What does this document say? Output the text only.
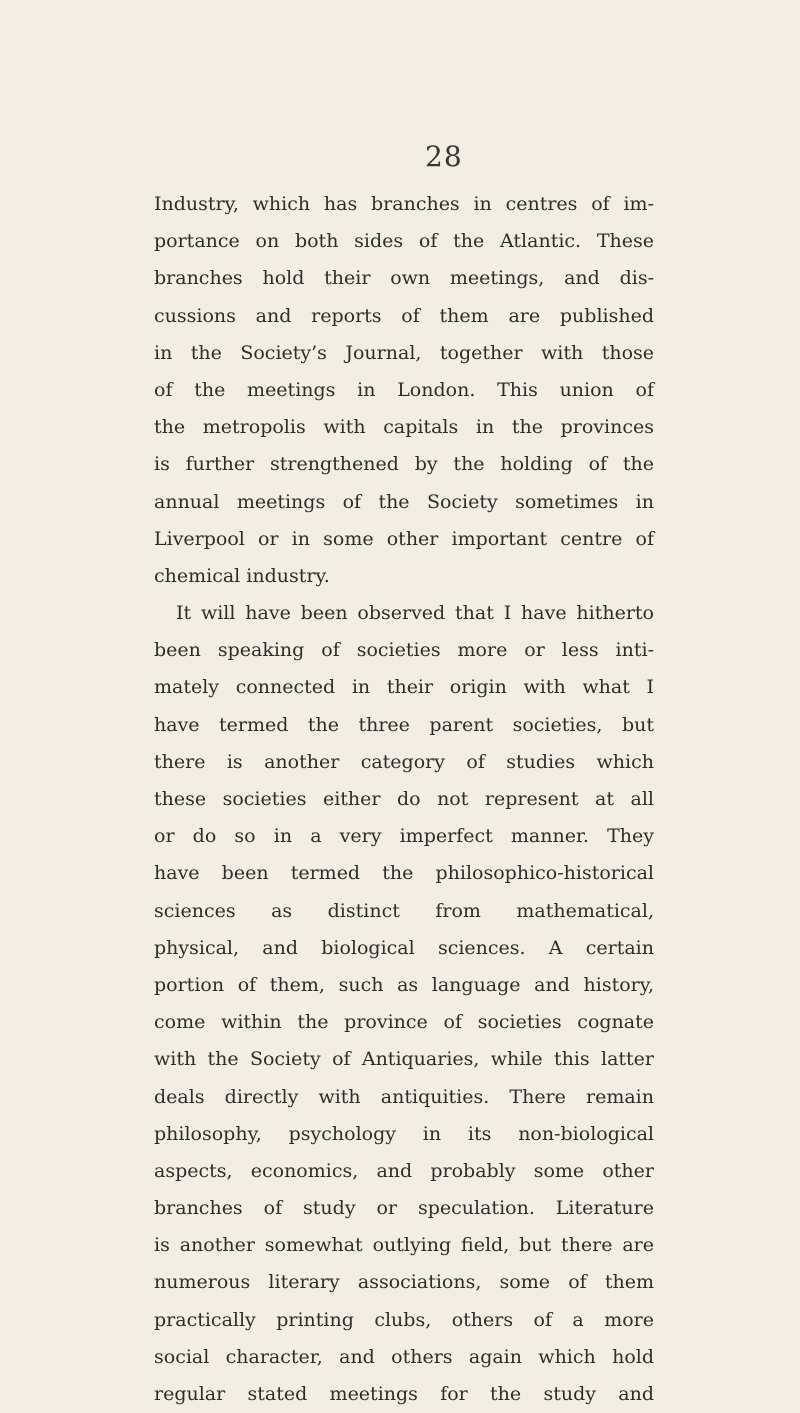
28
Industry, which has branches in centres of im-
portance on both sides of the Atlantic. These
branches hold their own meetings, and dis-
cussions and reports of them are published
in the Society’s Journal, together with those
of the meetings in London. This union of
the metropolis with capitals in the provinces
is further strengthened by the holding of the
annual meetings of the Society sometimes in
Liverpool or in some other important centre of
chemical industry.
It will have been observed that I have hitherto
been speaking of societies more or less inti-
mately connected in their origin with what I
have termed the three parent societies, but
there is another category of studies which
these societies either do not represent at all
or do so in a very imperfect manner. They
have been termed the philosophico-historical
sciences as distinct from mathematical,
physical, and biological sciences. A certain
portion of them, such as language and history,
come within the province of societies cognate
with the Society of Antiquaries, while this latter
deals directly with antiquities. There remain
philosophy, psychology in its non-biological
aspects, economics, and probably some other
branches of study or speculation. Literature
is another somewhat outlying field, but there are
numerous literary associations, some of them
practically printing clubs, others of a more
social character, and others again which hold
regular stated meetings for the study and
